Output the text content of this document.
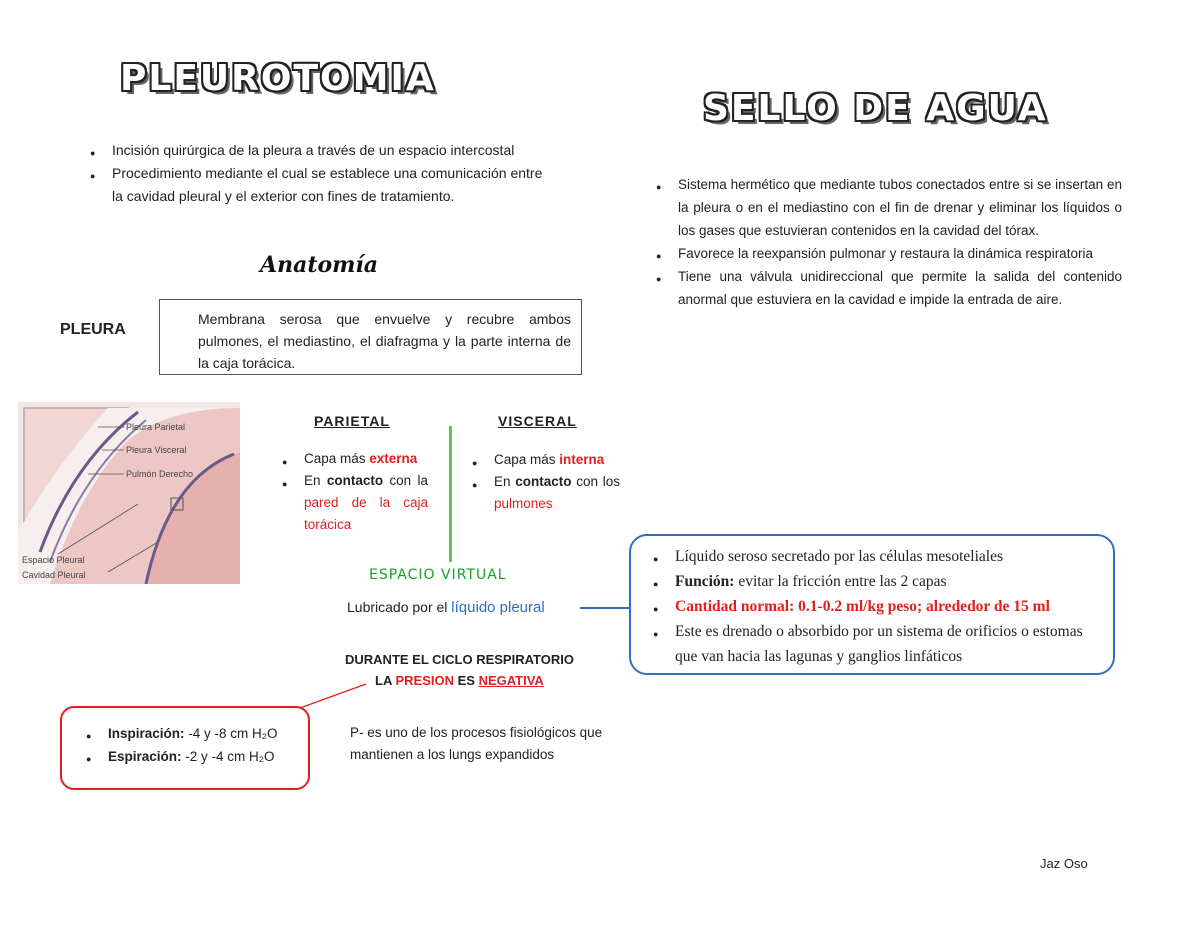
PLEUROTOMIA
● Incisión quirúrgica de la pleura a través de un espacio intercostal
● Procedimiento mediante el cual se establece una comunicación entre la cavidad pleural y el exterior con fines de tratamiento.
Anatomía
PLEURA
Membrana serosa que envuelve y recubre ambos pulmones, el mediastino, el diafragma y la parte interna de la caja torácica.
Pleura Parietal
Pleura Visceral
Pulmón Derecho
Espacio Pleural
Cavidad Pleural
PARIETAL
● Capa más externa
● En contacto con la pared de la caja torácica
VISCERAL
● Capa más interna
● En contacto con los pulmones
ESPACIO VIRTUAL
Lubricado por el líquido pleural
● Líquido seroso secretado por las células mesoteliales
● Función: evitar la fricción entre las 2 capas
● Cantidad normal: 0.1-0.2 ml/kg peso; alrededor de 15 ml
● Este es drenado o absorbido por un sistema de orificios o estomas que van hacia las lagunas y ganglios linfáticos
DURANTE EL CICLO RESPIRATORIO
LA PRESION ES NEGATIVA
● Inspiración: -4 y -8 cm H₂O
● Espiración: -2 y -4 cm H₂O
P- es uno de los procesos fisiológicos que mantienen a los lungs expandidos
SELLO DE AGUA
● Sistema hermético que mediante tubos conectados entre si se insertan en la pleura o en el mediastino con el fin de drenar y eliminar los líquidos o los gases que estuvieran contenidos en la cavidad del tórax.
● Favorece la reexpansión pulmonar y restaura la dinámica respiratoria
● Tiene una válvula unidireccional que permite la salida del contenido anormal que estuviera en la cavidad e impide la entrada de aire.
Jaz Oso
